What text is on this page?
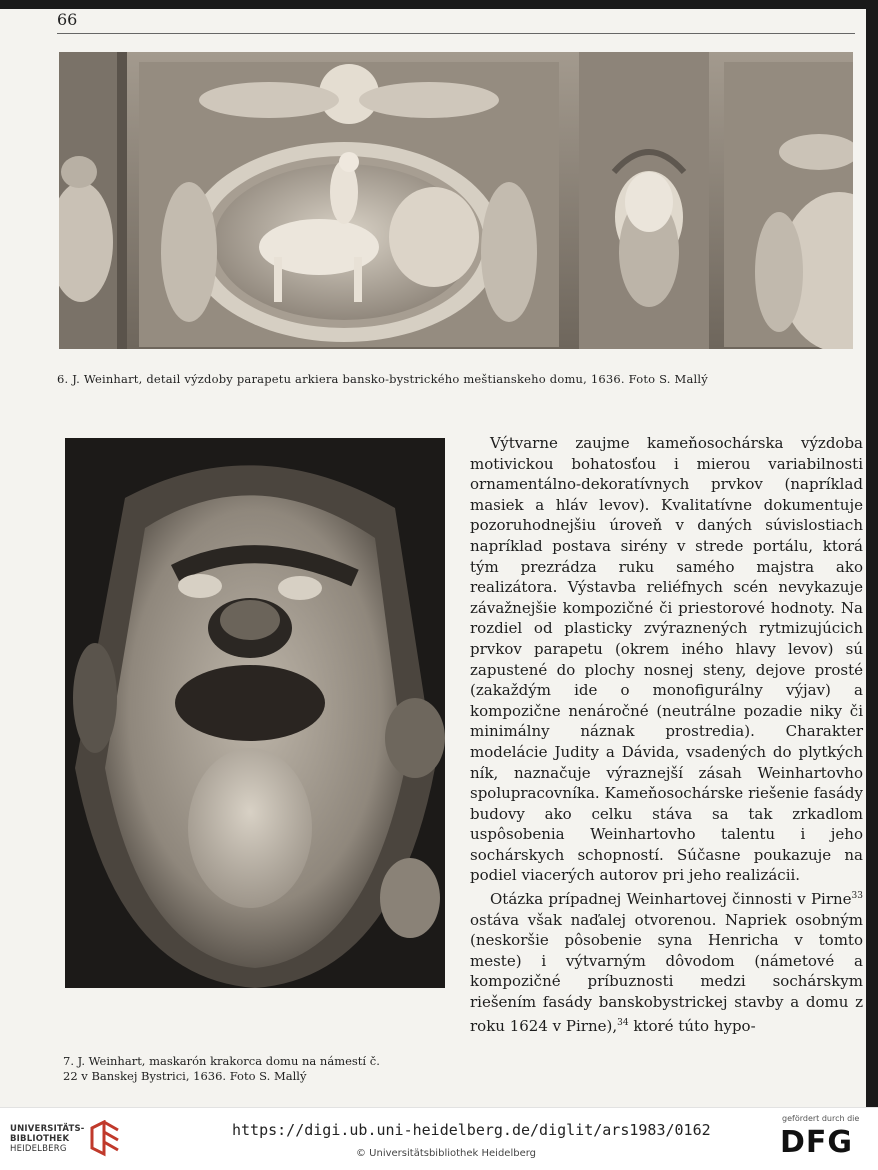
66
6. J. Weinhart, detail výzdoby parapetu arkiera bansko-bystrického meštianskeho domu, 1636. Foto S. Mallý
7. J. Weinhart, maskarón krakorca domu na námestí č.
22 v Banskej Bystrici, 1636. Foto S. Mallý

Výtvarne zaujme kameňosochárska výzdoba motivickou bohatosťou i mierou variabilnosti ornamentálno-dekoratívnych prvkov (napríklad masiek a hláv levov). Kvalitatívne dokumentuje pozoruhodnejšiu úroveň v daných súvislostiach napríklad postava sirény v strede portálu, ktorá tým prezrádza ruku samého majstra ako realizátora. Výstavba reliéfnych scén nevykazuje závažnejšie kompozičné či priestorové hodnoty. Na rozdiel od plasticky zvýraznených rytmizujúcich prvkov parapetu (okrem iného hlavy levov) sú zapustené do plochy nosnej steny, dejove prosté (zakaždým ide o monofigurálny výjav) a kompozične nenáročné (neutrálne pozadie niky či minimálny náznak prostredia). Charakter modelácie Judity a Dávida, vsadených do plytkých ník, naznačuje výraznejší zásah Weinhartovho spolupracovníka. Kameňosochárske riešenie fasády budovy ako celku stáva sa tak zrkadlom uspôsobenia Weinhartovho talentu i jeho sochárskych schopností. Súčasne poukazuje na podiel viacerých autorov pri jeho realizácii.

Otázka prípadnej Weinhartovej činnosti v Pirne$^{33}$ ostáva však naďalej otvorenou. Napriek osobným (neskoršie pôsobenie syna Henricha v tomto meste) i výtvarným dôvodom (námetové a kompozičné príbuznosti medzi sochárskym riešením fasády banskobystrickej stavby a domu z roku 1624 v Pirne),$^{34}$ ktoré túto hypo-

UNIVERSITÄTS-
BIBLIOTHEK
HEIDELBERG
https://digi.ub.uni-heidelberg.de/diglit/ars1983/0162
© Universitätsbibliothek Heidelberg
gefördert durch die
DFG
